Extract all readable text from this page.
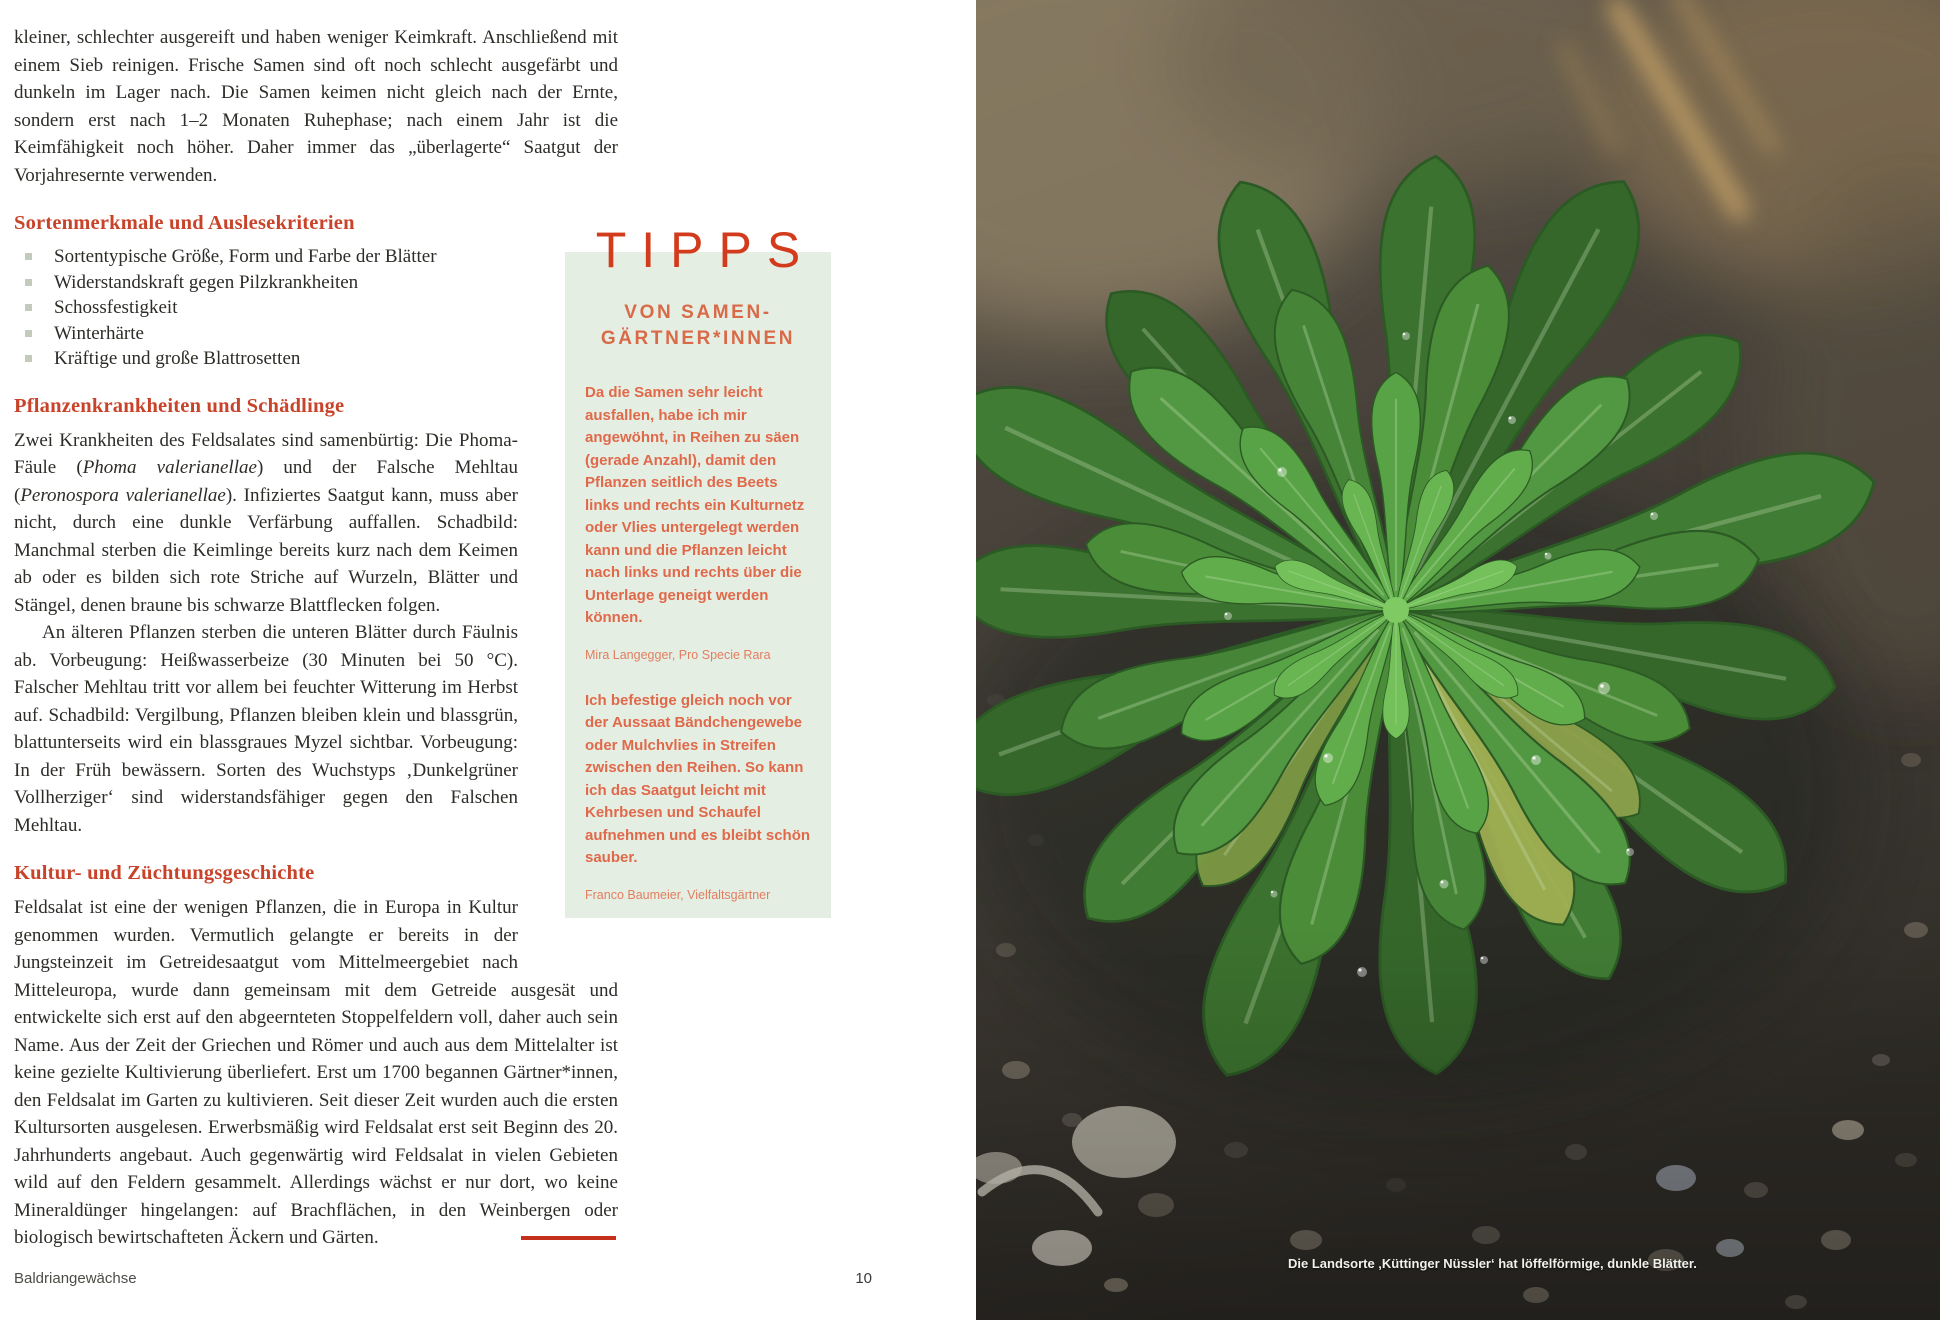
kleiner, schlechter ausgereift und haben weniger Keimkraft. Anschließend mit einem Sieb reinigen. Frische Samen sind oft noch schlecht ausgefärbt und dunkeln im Lager nach. Die Samen keimen nicht gleich nach der Ernte, sondern erst nach 1–2 Monaten Ruhephase; nach einem Jahr ist die Keimfähigkeit noch höher. Daher immer das „überlagerte“ Saatgut der Vorjahresernte verwenden.

Sortenmerkmale und Auslesekriterien
Sortentypische Größe, Form und Farbe der Blätter
Widerstandskraft gegen Pilzkrankheiten
Schossfestigkeit
Winterhärte
Kräftige und große Blattrosetten
Pflanzenkrankheiten und Schädlinge

Zwei Krankheiten des Feldsalates sind samenbürtig: Die Phoma-Fäule (Phoma valerianellae) und der Falsche Mehltau (Peronospora valerianellae). Infiziertes Saatgut kann, muss aber nicht, durch eine dunkle Verfärbung auffallen. Schadbild: Manchmal sterben die Keimlinge bereits kurz nach dem Keimen ab oder es bilden sich rote Striche auf Wurzeln, Blätter und Stängel, denen braune bis schwarze Blattflecken folgen.

An älteren Pflanzen sterben die unteren Blätter durch Fäulnis ab. Vorbeugung: Heißwasserbeize (30 Minuten bei 50 °C). Falscher Mehltau tritt vor allem bei feuchter Witterung im Herbst auf. Schadbild: Vergilbung, Pflanzen bleiben klein und blassgrün, blattunterseits wird ein blassgraues Myzel sichtbar. Vorbeugung: In der Früh bewässern. Sorten des Wuchstyps ‚Dunkelgrüner Vollherziger‘ sind widerstandsfähiger gegen den Falschen Mehltau.

Kultur- und Züchtungsgeschichte

Feldsalat ist eine der wenigen Pflanzen, die in Europa in Kultur genommen wurden. Vermutlich gelangte er bereits in der Jungsteinzeit im Getreidesaatgut vom Mittelmeergebiet nach Mitteleuropa, wurde dann gemeinsam mit dem Getreide ausgesät und entwickelte sich erst auf den abgeernteten Stoppelfeldern voll, daher auch sein Name. Aus der Zeit der Griechen und Römer und auch aus dem Mittelalter ist keine gezielte Kultivierung überliefert. Erst um 1700 begannen Gärtner*innen, den Feldsalat im Garten zu kultivieren. Seit dieser Zeit wurden auch die ersten Kultursorten ausgelesen. Erwerbsmäßig wird Feldsalat erst seit Beginn des 20. Jahrhunderts angebaut. Auch gegenwärtig wird Feldsalat in vielen Gebieten wild auf den Feldern gesammelt. Allerdings wächst er nur dort, wo keine Mineraldünger hingelangen: auf Brachflächen, in den Weinbergen oder biologisch bewirtschafteten Äckern und Gärten.

TIPPS
VON SAMEN-
GÄRTNER*INNEN

Da die Samen sehr leicht ausfallen, habe ich mir angewöhnt, in Reihen zu säen (gerade Anzahl), damit den Pflanzen seitlich des Beets links und rechts ein Kulturnetz oder Vlies untergelegt werden kann und die Pflanzen leicht nach links und rechts über die Unterlage geneigt werden können.

Mira Langegger, Pro Specie Rara

Ich befestige gleich noch vor der Aussaat Bändchengewebe oder Mulchvlies in Streifen zwischen den Reihen. So kann ich das Saatgut leicht mit Kehrbesen und Schaufel aufnehmen und es bleibt schön sauber.

Franco Baumeier, Vielfaltsgärtner

Baldriangewächse	10
Die Landsorte ‚Küttinger Nüssler‘ hat löffelförmige, dunkle Blätter.
